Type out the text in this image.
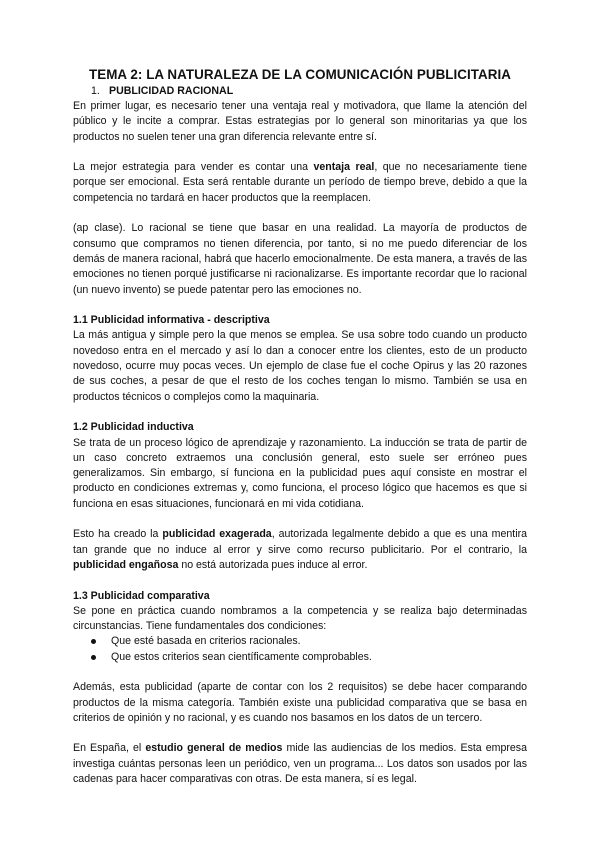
TEMA 2: LA NATURALEZA DE LA COMUNICACIÓN PUBLICITARIA
1. PUBLICIDAD RACIONAL

En primer lugar, es necesario tener una ventaja real y motivadora, que llame la atención del público y le incite a comprar. Estas estrategias por lo general son minoritarias ya que los productos no suelen tener una gran diferencia relevante entre sí.

La mejor estrategia para vender es contar una ventaja real, que no necesariamente tiene porque ser emocional. Esta será rentable durante un período de tiempo breve, debido a que la competencia no tardará en hacer productos que la reemplacen.

(ap clase). Lo racional se tiene que basar en una realidad. La mayoría de productos de consumo que compramos no tienen diferencia, por tanto, si no me puedo diferenciar de los demás de manera racional, habrá que hacerlo emocionalmente. De esta manera, a través de las emociones no tienen porqué justificarse ni racionalizarse. Es importante recordar que lo racional (un nuevo invento) se puede patentar pero las emociones no.

1.1 Publicidad informativa - descriptiva

La más antigua y simple pero la que menos se emplea. Se usa sobre todo cuando un producto novedoso entra en el mercado y así lo dan a conocer entre los clientes, esto de un producto novedoso, ocurre muy pocas veces. Un ejemplo de clase fue el coche Opirus y las 20 razones de sus coches, a pesar de que el resto de los coches tengan lo mismo. También se usa en productos técnicos o complejos como la maquinaria.

1.2 Publicidad inductiva

Se trata de un proceso lógico de aprendizaje y razonamiento. La inducción se trata de partir de un caso concreto extraemos una conclusión general, esto suele ser erróneo pues generalizamos. Sin embargo, sí funciona en la publicidad pues aquí consiste en mostrar el producto en condiciones extremas y, como funciona, el proceso lógico que hacemos es que si funciona en esas situaciones, funcionará en mi vida cotidiana.

Esto ha creado la publicidad exagerada, autorizada legalmente debido a que es una mentira tan grande que no induce al error y sirve como recurso publicitario. Por el contrario, la publicidad engañosa no está autorizada pues induce al error.

1.3 Publicidad comparativa

Se pone en práctica cuando nombramos a la competencia y se realiza bajo determinadas circunstancias. Tiene fundamentales dos condiciones:

Que esté basada en criterios racionales.
Que estos criterios sean científicamente comprobables.

Además, esta publicidad (aparte de contar con los 2 requisitos) se debe hacer comparando productos de la misma categoría. También existe una publicidad comparativa que se basa en criterios de opinión y no racional, y es cuando nos basamos en los datos de un tercero.

En España, el estudio general de medios mide las audiencias de los medios. Esta empresa investiga cuántas personas leen un periódico, ven un programa... Los datos son usados por las cadenas para hacer comparativas con otras. De esta manera, sí es legal.
